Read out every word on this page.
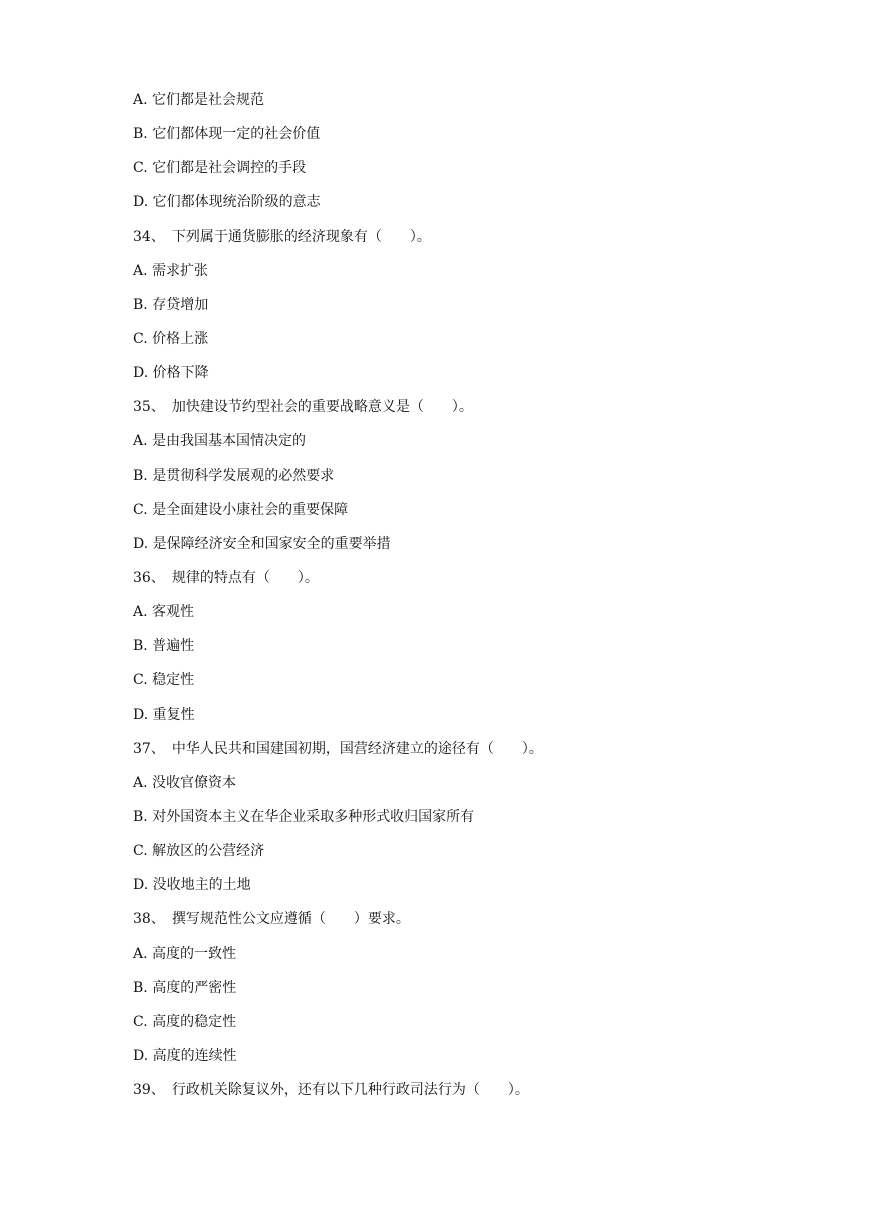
A. 它们都是社会规范
B. 它们都体现一定的社会价值
C. 它们都是社会调控的手段
D. 它们都体现统治阶级的意志
34、　下列属于通货膨胀的经济现象有（　　）。
A. 需求扩张
B. 存贷增加
C. 价格上涨
D. 价格下降
35、　加快建设节约型社会的重要战略意义是（　　）。
A. 是由我国基本国情决定的
B. 是贯彻科学发展观的必然要求
C. 是全面建设小康社会的重要保障
D. 是保障经济安全和国家安全的重要举措
36、　规律的特点有（　　）。
A. 客观性
B. 普遍性
C. 稳定性
D. 重复性
37、　中华人民共和国建国初期，国营经济建立的途径有（　　）。
A. 没收官僚资本
B. 对外国资本主义在华企业采取多种形式收归国家所有
C. 解放区的公营经济
D. 没收地主的土地
38、　撰写规范性公文应遵循（　　）要求。
A. 高度的一致性
B. 高度的严密性
C. 高度的稳定性
D. 高度的连续性
39、　行政机关除复议外，还有以下几种行政司法行为（　　）。
